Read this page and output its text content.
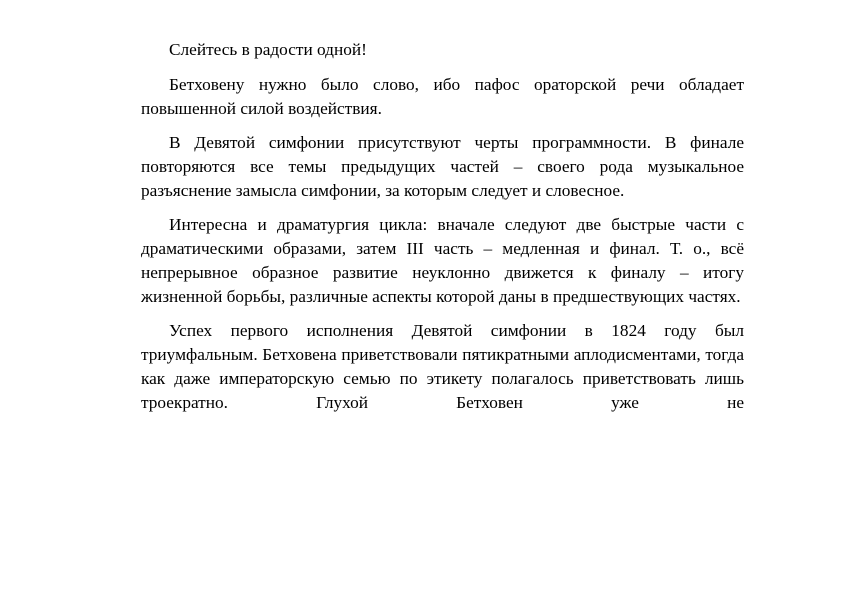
Слейтесь в радости одной!

Бетховену нужно было слово, ибо пафос ораторской речи обладает повышенной силой воздействия.

В Девятой симфонии присутствуют черты программности. В финале повторяются все темы предыдущих частей – своего рода музыкальное разъяснение замысла симфонии, за которым следует и словесное.

Интересна и драматургия цикла: вначале следуют две быстрые части с драматическими образами, затем III часть – медленная и финал. Т. о., всё непрерывное образное развитие неуклонно движется к финалу – итогу жизненной борьбы, различные аспекты которой даны в предшествующих частях.

Успех первого исполнения Девятой симфонии в 1824 году был триумфальным. Бетховена приветствовали пятикратными аплодисментами, тогда как даже императорскую семью по этикету полагалось приветствовать лишь троекратно. Глухой Бетховен уже не
